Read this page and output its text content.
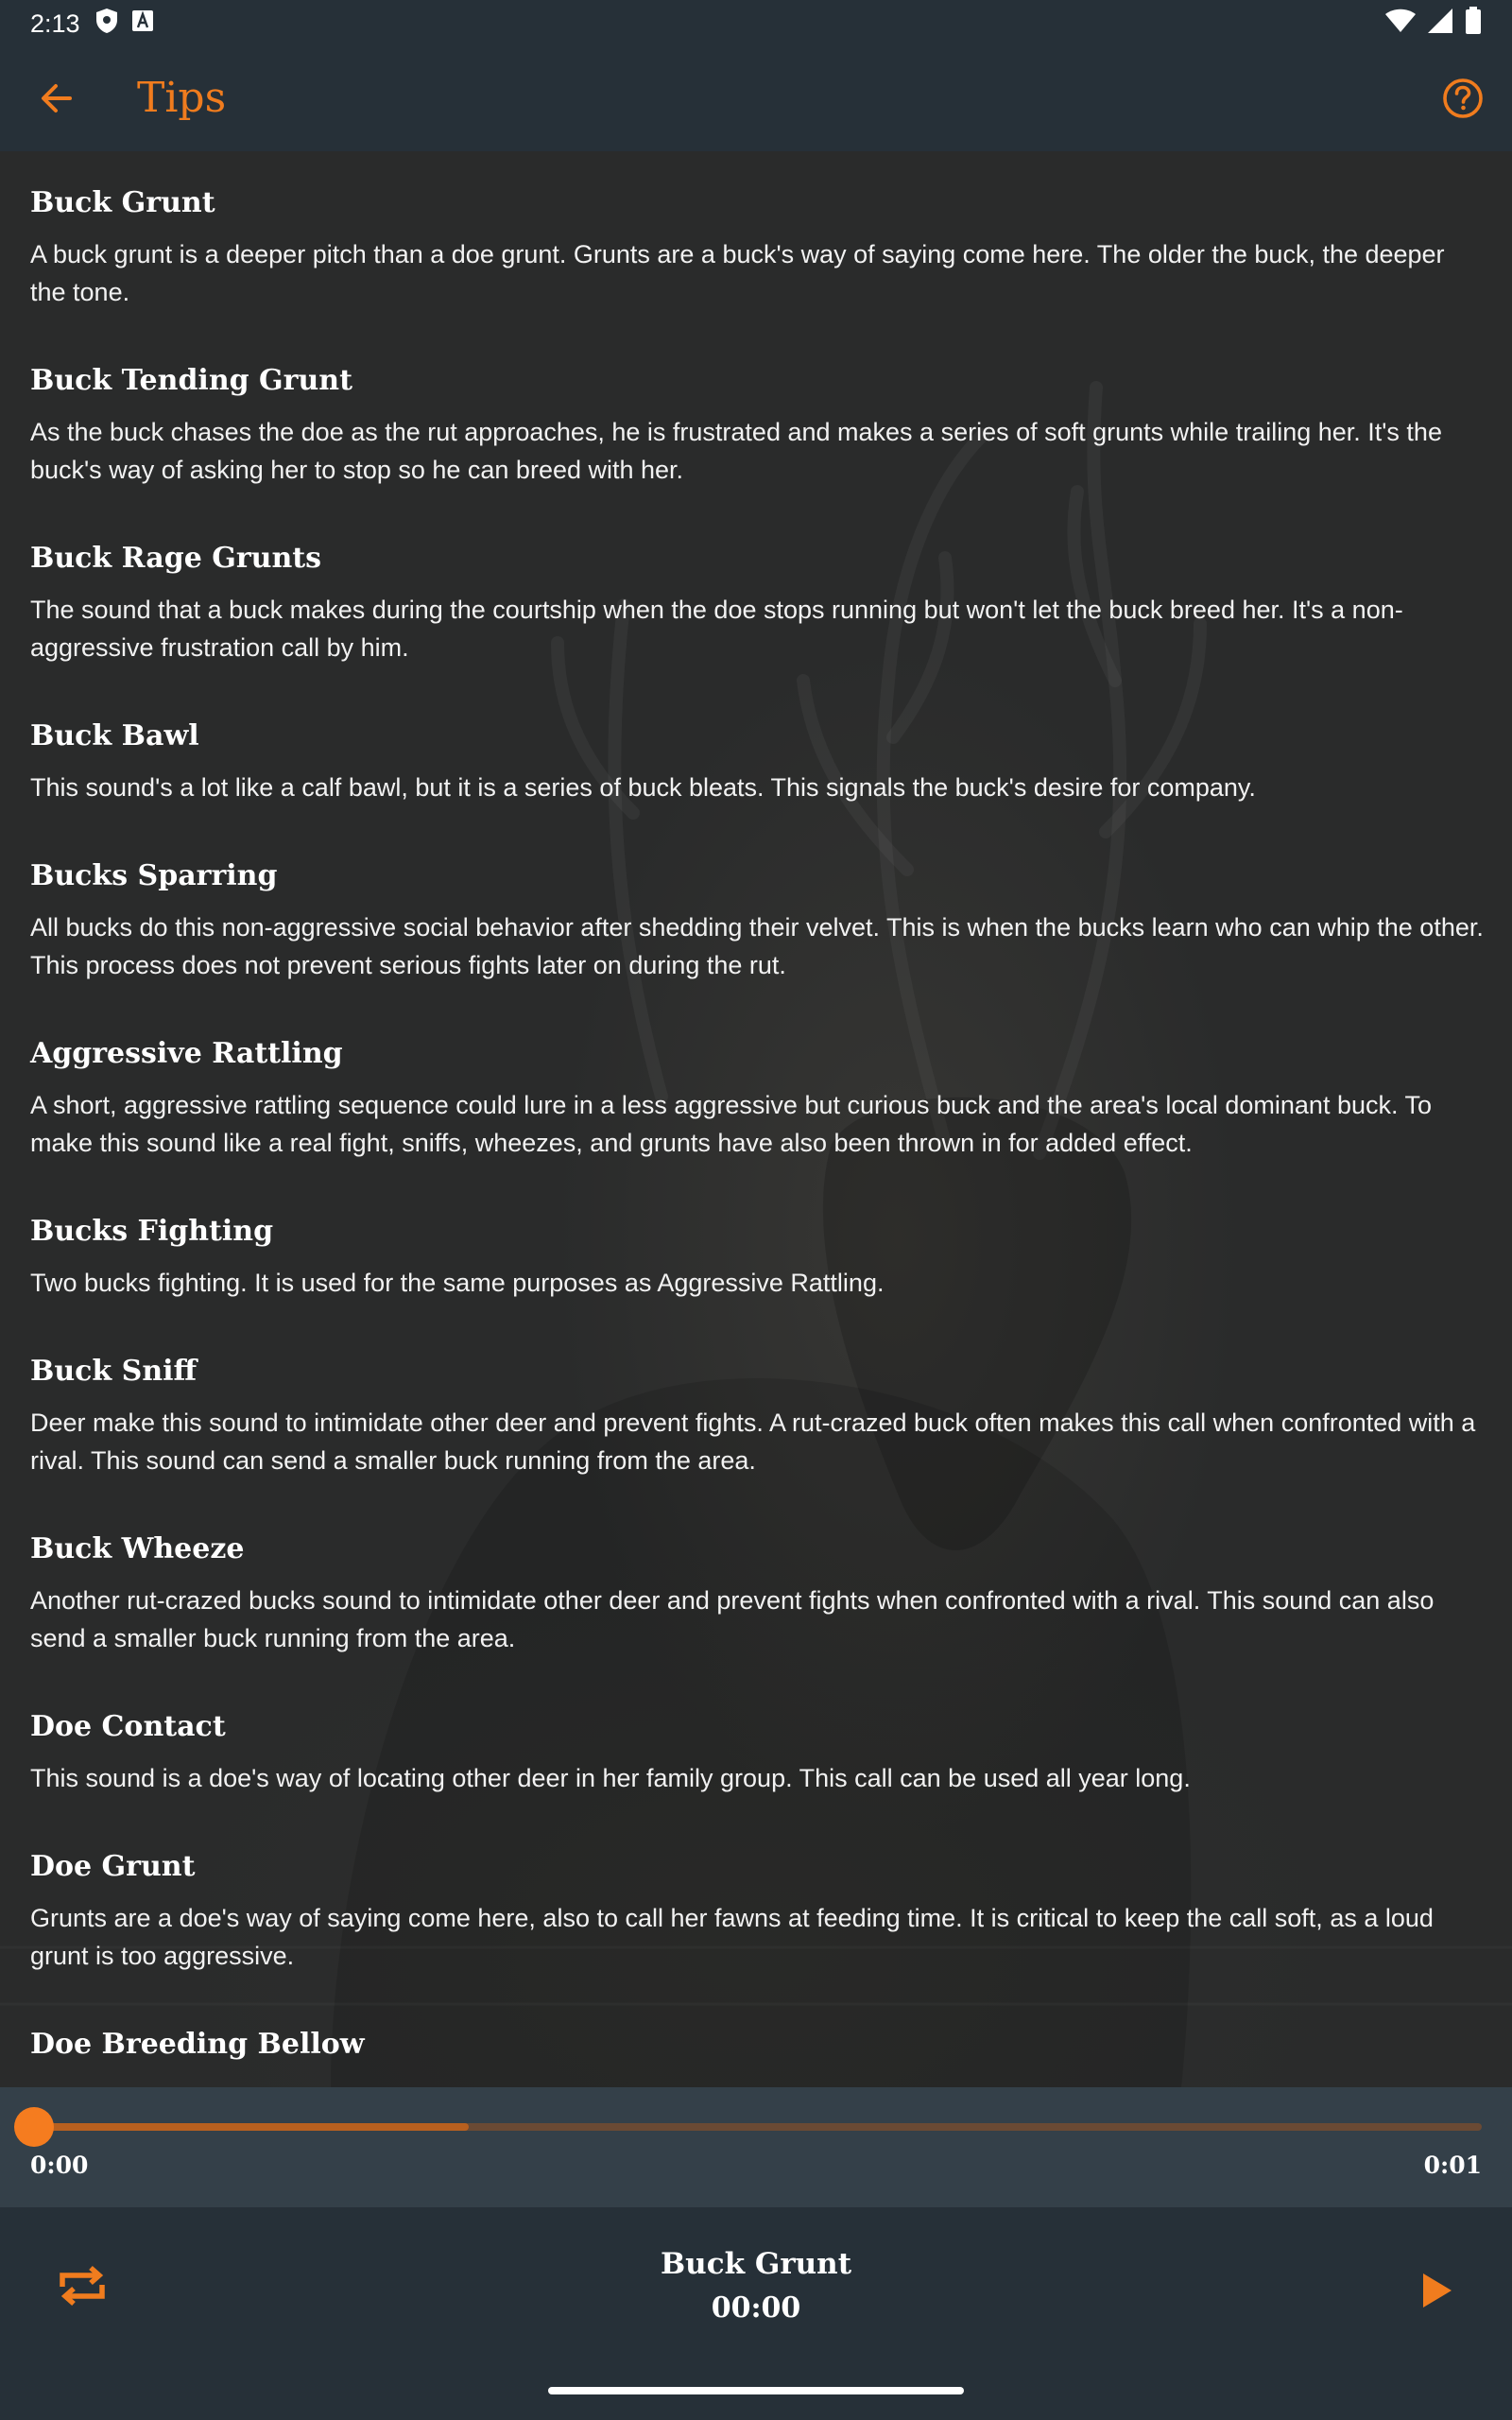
2:13
Tips
Buck Grunt
A buck grunt is a deeper pitch than a doe grunt. Grunts are a buck's way of saying come here. The older the buck, the deeper the tone.
Buck Tending Grunt
As the buck chases the doe as the rut approaches, he is frustrated and makes a series of soft grunts while trailing her. It's the buck's way of asking her to stop so he can breed with her.
Buck Rage Grunts
The sound that a buck makes during the courtship when the doe stops running but won't let the buck breed her. It's a non-aggressive frustration call by him.
Buck Bawl
This sound's a lot like a calf bawl, but it is a series of buck bleats. This signals the buck's desire for company.
Bucks Sparring
All bucks do this non-aggressive social behavior after shedding their velvet. This is when the bucks learn who can whip the other. This process does not prevent serious fights later on during the rut.
Aggressive Rattling
A short, aggressive rattling sequence could lure in a less aggressive but curious buck and the area's local dominant buck. To make this sound like a real fight, sniffs, wheezes, and grunts have also been thrown in for added effect.
Bucks Fighting
Two bucks fighting. It is used for the same purposes as Aggressive Rattling.
Buck Sniff
Deer make this sound to intimidate other deer and prevent fights. A rut-crazed buck often makes this call when confronted with a rival. This sound can send a smaller buck running from the area.
Buck Wheeze
Another rut-crazed bucks sound to intimidate other deer and prevent fights when confronted with a rival. This sound can also send a smaller buck running from the area.
Doe Contact
This sound is a doe's way of locating other deer in her family group. This call can be used all year long.
Doe Grunt
Grunts are a doe's way of saying come here, also to call her fawns at feeding time. It is critical to keep the call soft, as a loud grunt is too aggressive.
Doe Breeding Bellow
0:00	0:01
Buck Grunt
00:00
